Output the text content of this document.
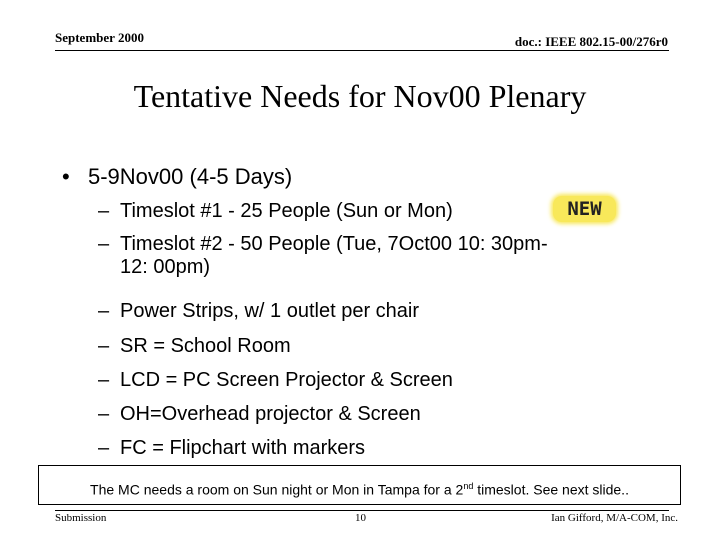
September 2000	doc.: IEEE 802.15-00/276r0
Tentative Needs for Nov00 Plenary
• 5-9Nov00 (4-5 Days)
– Timeslot #1 - 25 People (Sun or Mon)
– Timeslot #2 - 50 People (Tue, 7Oct00 10: 30pm-
12: 00pm)
– Power Strips, w/ 1 outlet per chair
– SR = School Room
– LCD = PC Screen Projector & Screen
– OH=Overhead projector & Screen
– FC = Flipchart with markers
NEW
The MC needs a room on Sun night or Mon in Tampa for a 2nd timeslot. See next slide..
Submission	10	Ian Gifford, M/A-COM, Inc.
